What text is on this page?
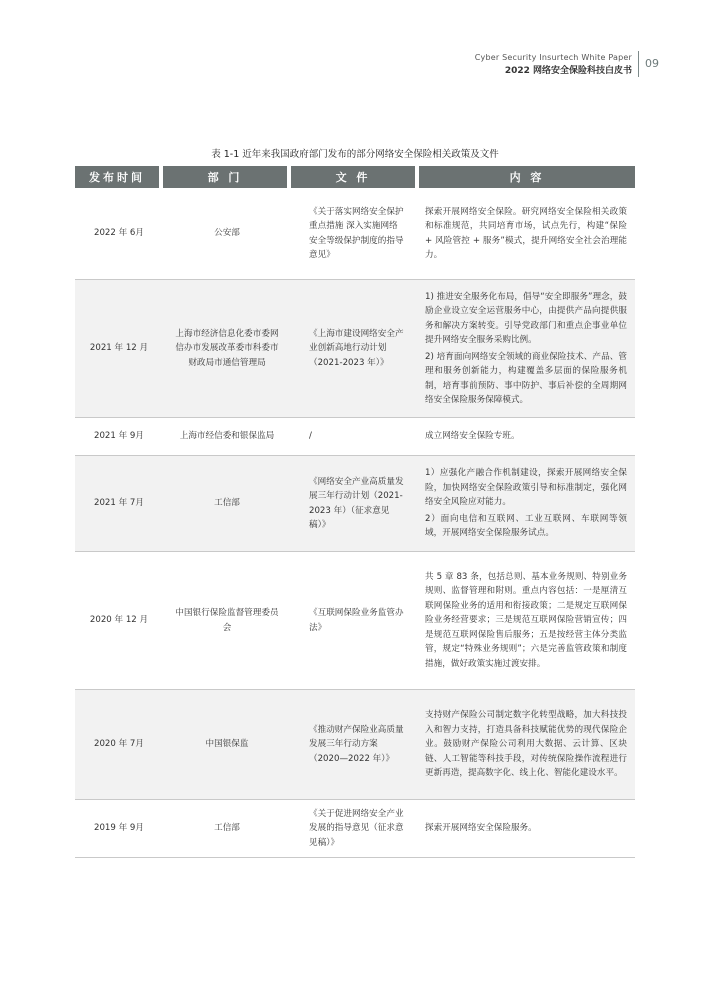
Cyber Security Insurtech White Paper
2022 网络安全保险科技白皮书
09
表 1-1 近年来我国政府部门发布的部分网络安全保险相关政策及文件
发布时间	部 门	文 件	内 容
2022 年 6月	公安部	《关于落实网络安全保护重点措施 深入实施网络安全等级保护制度的指导意见》	探索开展网络安全保险。研究网络安全保险相关政策和标准规范，共同培育市场，试点先行，构建“保险 + 风险管控 + 服务”模式，提升网络安全社会治理能力。

2021 年 12 月	上海市经济信息化委市委网信办市发展改革委市科委市财政局市通信管理局	《上海市建设网络安全产业创新高地行动计划（2021-2023 年）》	1) 推进安全服务化布局，倡导“安全即服务”理念，鼓励企业设立安全运营服务中心，由提供产品向提供服务和解决方案转变。引导党政部门和重点企事业单位提升网络安全服务采购比例。
2) 培育面向网络安全领域的商业保险技术、产品、管理和服务创新能力，构建覆盖多层面的保险服务机制，培育事前预防、事中防护、事后补偿的全周期网络安全保险服务保障模式。

2021 年 9月	上海市经信委和银保监局	/	成立网络安全保险专班。

2021 年 7月	工信部	《网络安全产业高质量发展三年行动计划（2021-2023 年）（征求意见稿）》	1）应强化产融合作机制建设，探索开展网络安全保险，加快网络安全保险政策引导和标准制定，强化网络安全风险应对能力。
2）面向电信和互联网、工业互联网、车联网等领域，开展网络安全保险服务试点。

2020 年 12 月	中国银行保险监督管理委员会	《互联网保险业务监管办法》	共 5 章 83 条，包括总则、基本业务规则、特别业务规则、监督管理和附则。重点内容包括：一是厘清互联网保险业务的适用和衔接政策；二是规定互联网保险业务经营要求；三是规范互联网保险营销宣传；四是规范互联网保险售后服务；五是按经营主体分类监管，规定“特殊业务规则”；六是完善监管政策和制度措施，做好政策实施过渡安排。

2020 年 7月	中国银保监	《推动财产保险业高质量发展三年行动方案（2020—2022 年）》	支持财产保险公司制定数字化转型战略，加大科技投入和智力支持，打造具备科技赋能优势的现代保险企业。鼓励财产保险公司利用大数据、云计算、区块链、人工智能等科技手段，对传统保险操作流程进行更新再造，提高数字化、线上化、智能化建设水平。

2019 年 9月	工信部	《关于促进网络安全产业发展的指导意见（征求意见稿）》	探索开展网络安全保险服务。
